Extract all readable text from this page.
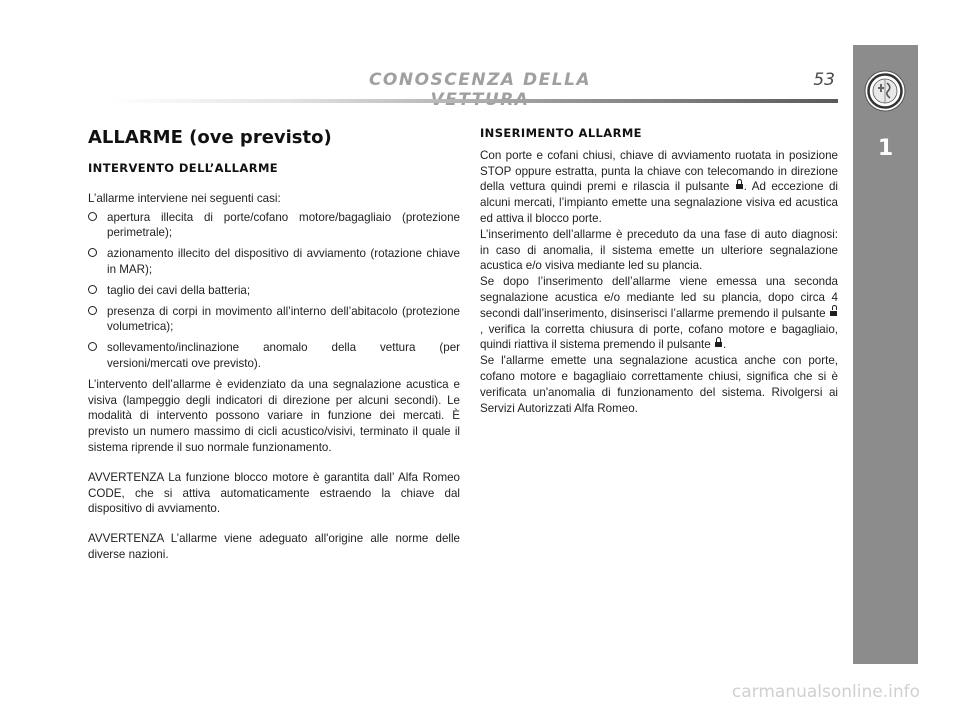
CONOSCENZA DELLA	53
1
ALLARME (ove previsto)
INTERVENTO DELL’ALLARME

L’allarme interviene nei seguenti casi:

apertura illecita di porte/cofano motore/bagagliaio (protezione perimetrale);
azionamento illecito del dispositivo di avviamento (rotazione chiave in MAR);
taglio dei cavi della batteria;
presenza di corpi in movimento all’interno dell’abitacolo (protezione volumetrica);
sollevamento/inclinazione anomalo della vettura (per versioni/mercati ove previsto).

L’intervento dell’allarme è evidenziato da una segnalazione acustica e visiva (lampeggio degli indicatori di direzione per alcuni secondi). Le modalità di intervento possono variare in funzione dei mercati. È previsto un numero massimo di cicli acustico/visivi, terminato il quale il sistema riprende il suo normale funzionamento.

AVVERTENZA La funzione blocco motore è garantita dall’ Alfa Romeo CODE, che si attiva automaticamente estraendo la chiave dal dispositivo di avviamento.

AVVERTENZA L’allarme viene adeguato all'origine alle norme delle diverse nazioni.

INSERIMENTO ALLARME

Con porte e cofani chiusi, chiave di avviamento ruotata in posizione STOP oppure estratta, punta la chiave con telecomando in direzione della vettura quindi premi e rilascia il pulsante . Ad eccezione di alcuni mercati, l’impianto emette una segnalazione visiva ed acustica ed attiva il blocco porte.

L’inserimento dell’allarme è preceduto da una fase di auto diagnosi: in caso di anomalia, il sistema emette un ulteriore segnalazione acustica e/o visiva mediante led su plancia.

Se dopo l’inserimento dell’allarme viene emessa una seconda segnalazione acustica e/o mediante led su plancia, dopo circa 4 secondi dall’inserimento, disinserisci l’allarme premendo il pulsante , verifica la corretta chiusura di porte, cofano motore e bagagliaio, quindi riattiva il sistema premendo il pulsante .

Se l'allarme emette una segnalazione acustica anche con porte, cofano motore e bagagliaio correttamente chiusi, significa che si è verificata un'anomalia di funzionamento del sistema. Rivolgersi ai Servizi Autorizzati Alfa Romeo.

carmanualsonline.info
